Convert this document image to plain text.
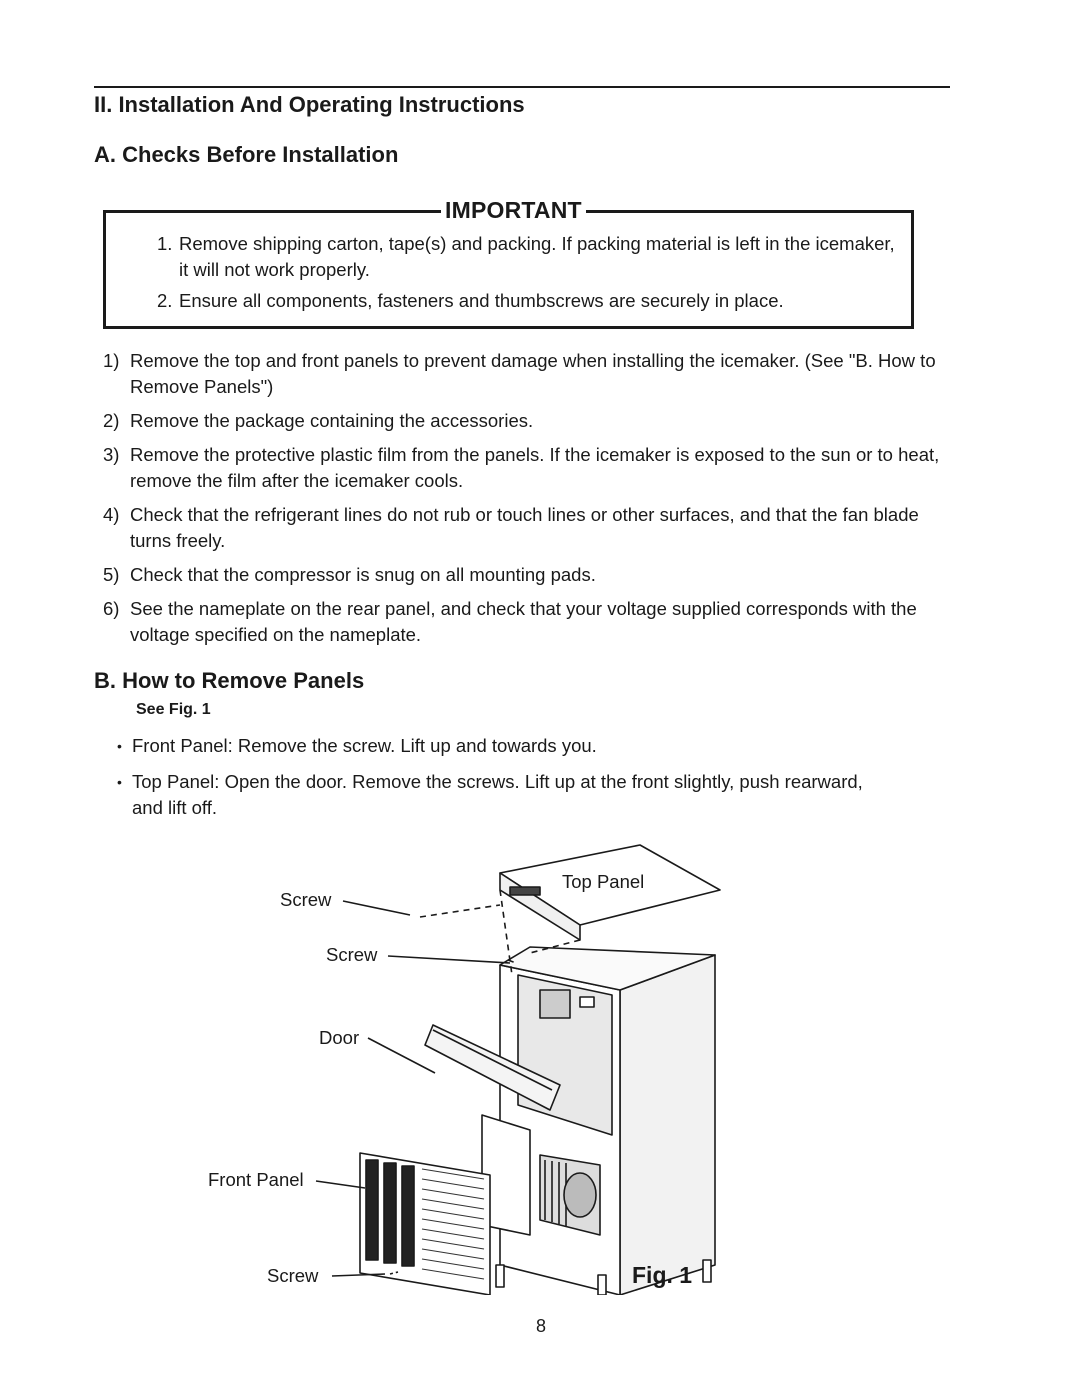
II. Installation And Operating Instructions
A. Checks Before Installation
IMPORTANT
1. Remove shipping carton, tape(s) and packing. If packing material is left in the icemaker, it will not work properly.
2. Ensure all components, fasteners and thumbscrews are securely in place.
1) Remove the top and front panels to prevent damage when installing the icemaker. (See "B. How to Remove Panels")
2) Remove the package containing the accessories.
3) Remove the protective plastic film from the panels. If the icemaker is exposed to the sun or to heat, remove the film after the icemaker cools.
4) Check that the refrigerant lines do not rub or touch lines or other surfaces, and that the fan blade turns freely.
5) Check that the compressor is snug on all mounting pads.
6) See the nameplate on the rear panel, and check that your voltage supplied corresponds with the voltage specified on the nameplate.
B. How to Remove Panels
See Fig. 1
• Front Panel: Remove the screw. Lift up and towards you.
• Top Panel: Open the door. Remove the screws. Lift up at the front slightly, push rearward, and lift off.
Top Panel
Screw
Screw
Door
Front Panel
Screw	Fig. 1
8
